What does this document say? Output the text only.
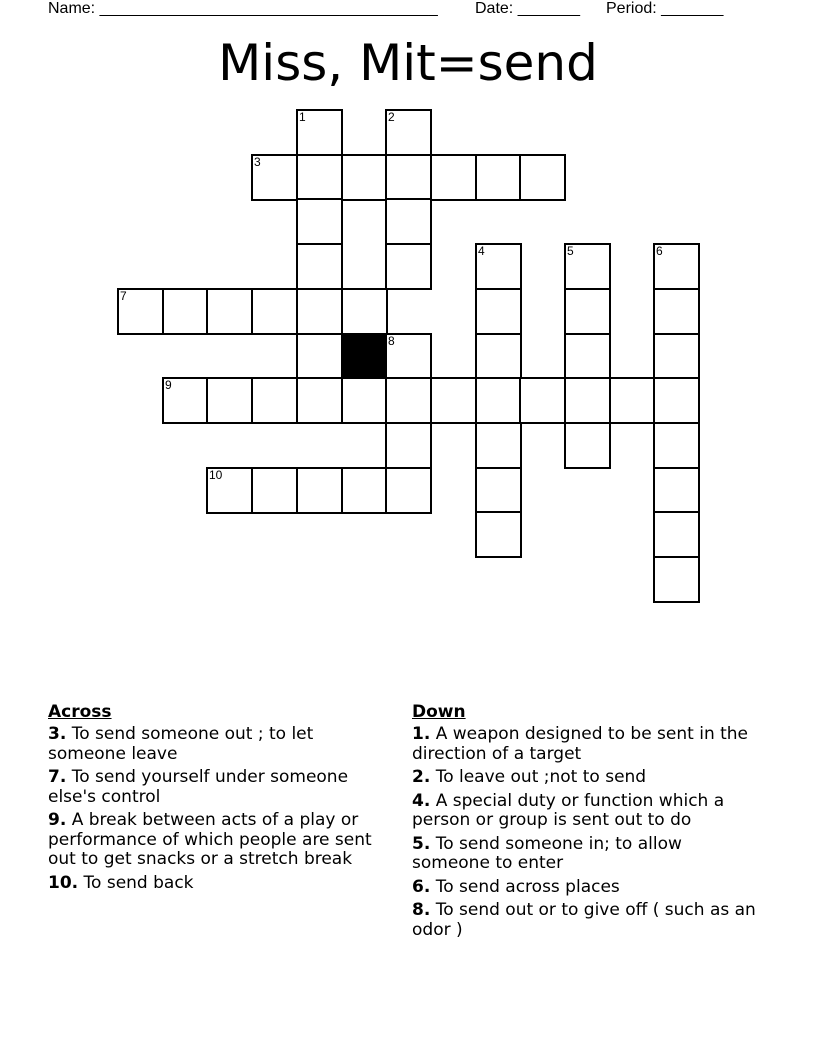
Name: ______________________________________ Date: _______ Period: _______
Miss, Mit=send
1	2
3
4	5	6
7
8
9
10
Across
3. To send someone out ; to let someone leave
7. To send yourself under someone else's control
9. A break between acts of a play or performance of which people are sent out to get snacks or a stretch break
10. To send back
Down
1. A weapon designed to be sent in the direction of a target
2. To leave out ;not to send
4. A special duty or function which a person or group is sent out to do
5. To send someone in; to allow someone to enter
6. To send across places
8. To send out or to give off ( such as an odor )
